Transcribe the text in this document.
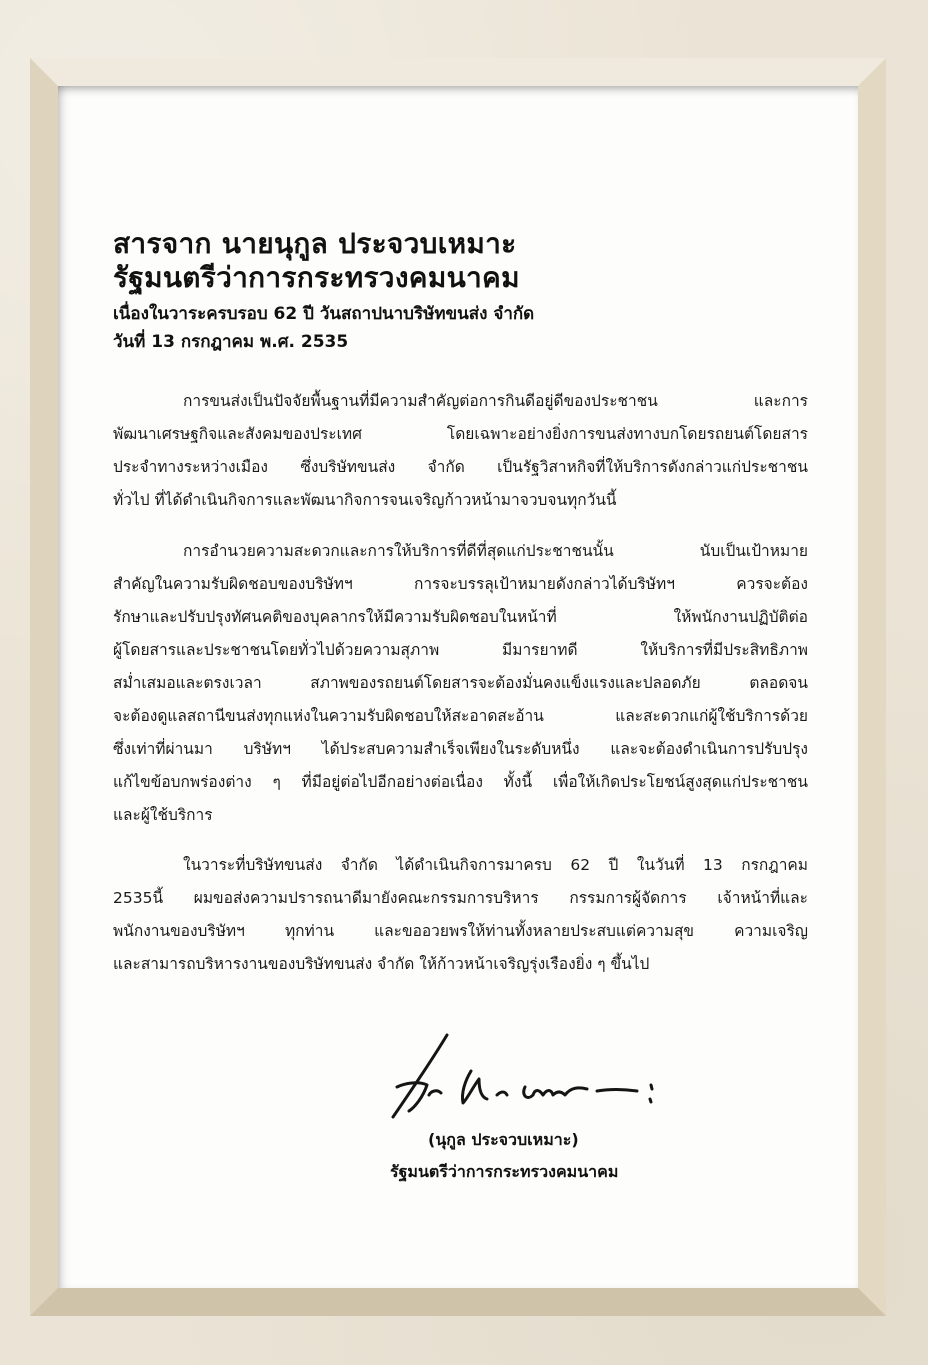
สารจาก นายนุกูล ประจวบเหมาะ
รัฐมนตรีว่าการกระทรวงคมนาคม

เนื่องในวาระครบรอบ 62 ปี วันสถาปนาบริษัทขนส่ง จำกัด

วันที่ 13 กรกฎาคม พ.ศ. 2535

การขนส่งเป็นปัจจัยพื้นฐานที่มีความสำคัญต่อการกินดีอยู่ดีของประชาชน และการ
พัฒนาเศรษฐกิจและสังคมของประเทศ โดยเฉพาะอย่างยิ่งการขนส่งทางบกโดยรถยนต์โดยสาร
ประจำทางระหว่างเมือง ซึ่งบริษัทขนส่ง จำกัด เป็นรัฐวิสาหกิจที่ให้บริการดังกล่าวแก่ประชาชน
ทั่วไป ที่ได้ดำเนินกิจการและพัฒนากิจการจนเจริญก้าวหน้ามาจวบจนทุกวันนี้
การอำนวยความสะดวกและการให้บริการที่ดีที่สุดแก่ประชาชนนั้น นับเป็นเป้าหมาย
สำคัญในความรับผิดชอบของบริษัทฯ การจะบรรลุเป้าหมายดังกล่าวได้บริษัทฯ ควรจะต้อง
รักษาและปรับปรุงทัศนคติของบุคลากรให้มีความรับผิดชอบในหน้าที่ ให้พนักงานปฏิบัติต่อ
ผู้โดยสารและประชาชนโดยทั่วไปด้วยความสุภาพ มีมารยาทดี ให้บริการที่มีประสิทธิภาพ
สม่ำเสมอและตรงเวลา สภาพของรถยนต์โดยสารจะต้องมั่นคงแข็งแรงและปลอดภัย ตลอดจน
จะต้องดูแลสถานีขนส่งทุกแห่งในความรับผิดชอบให้สะอาดสะอ้าน และสะดวกแก่ผู้ใช้บริการด้วย
ซึ่งเท่าที่ผ่านมา บริษัทฯ ได้ประสบความสำเร็จเพียงในระดับหนึ่ง และจะต้องดำเนินการปรับปรุง
แก้ไขข้อบกพร่องต่าง ๆ ที่มีอยู่ต่อไปอีกอย่างต่อเนื่อง ทั้งนี้ เพื่อให้เกิดประโยชน์สูงสุดแก่ประชาชน
และผู้ใช้บริการ
ในวาระที่บริษัทขนส่ง จำกัด ได้ดำเนินกิจการมาครบ 62 ปี ในวันที่ 13 กรกฎาคม
2535นี้ ผมขอส่งความปรารถนาดีมายังคณะกรรมการบริหาร กรรมการผู้จัดการ เจ้าหน้าที่และ
พนักงานของบริษัทฯ ทุกท่าน และขออวยพรให้ท่านทั้งหลายประสบแต่ความสุข ความเจริญ
และสามารถบริหารงานของบริษัทขนส่ง จำกัด ให้ก้าวหน้าเจริญรุ่งเรืองยิ่ง ๆ ขึ้นไป

(นุกูล ประจวบเหมาะ)

รัฐมนตรีว่าการกระทรวงคมนาคม
